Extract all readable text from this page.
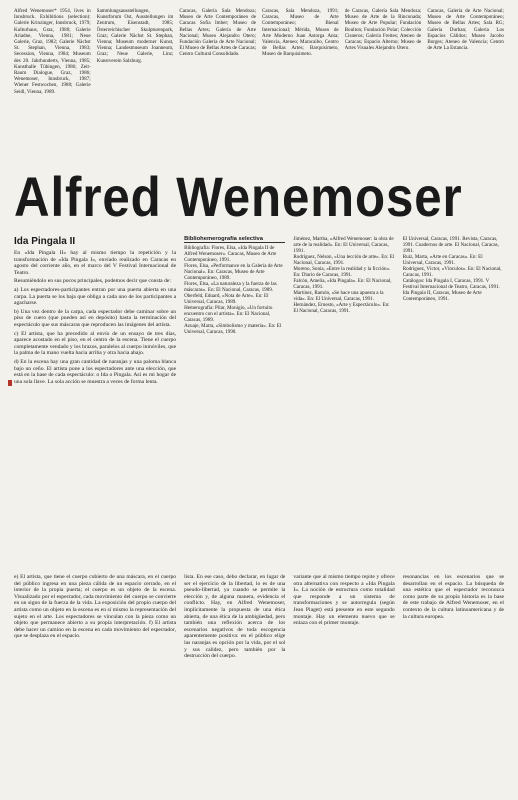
Alfred Wenemoser* 1954, lives in Innsbruck. Exhibitions (selection): Galerie Krinzinger, Innsbruck, 1979; Kulturhaus, Graz, 1980; Galerie Ariadne, Vienna, 1981; Neue Galerie, Graz, 1982; Galerie Nächst St. Stephan, Vienna, 1983; Secession, Vienna, 1984; Museum des 20. Jahrhunderts, Vienna, 1985; Kunsthalle Tübingen, 1986; Zeit-Raum Dialogue, Graz, 1986; Wenemoser, Innsbruck, 1987; Wiener Festwochen, 1988; Galerie Seidl, Vienna, 1989.
Sammlungsausstellungen, Kunstforum Ost, Ausstellungen im Zentrum, Eisenstadt, 1985; Österreichischer Skulpturenpark, Graz; Galerie Nächst St. Stephan, Vienna; Museum moderner Kunst, Vienna; Landesmuseum Joanneum, Graz; Neue Galerie, Linz; Kunstverein Salzburg.
Caracas, Galería Sala Mendoza; Museo de Arte Contemporáneo de Caracas Sofía Imber; Museo de Bellas Artes; Galería de Arte Nacional; Museo Alejandro Otero; Fundación Galería de Arte Nacional; El Museo de Bellas Artes de Caracas; Centro Cultural Consolidado.
Caracas, Sala Mendoza, 1991; Caracas, Museo de Arte Contemporáneo; Bienal Internacional; Mérida, Museo de Arte Moderno Juan Astorga Anta; Valencia, Ateneo; Maracaibo, Centro de Bellas Artes; Barquisimeto, Museo de Barquisimeto.
de Caracas, Galería Sala Mendoza; Museo de Arte de la Rinconada; Museo de Arte Popular; Fundación Boulton; Fundación Polar; Colección Cisneros; Galería Freites; Ateneo de Caracas; Espacio Alterno; Museo de Artes Visuales Alejandro Otero.
Caracas, Galería de Arte Nacional; Museo de Arte Contemporáneo; Museo de Bellas Artes; Sala RG; Galería Durban; Galería Los Espacios Cálidos; Museo Jacobo Borges; Ateneo de Valencia; Centro de Arte La Estancia.
Alfred Wenemoser
Ida Pingala II

En «Ida Pingala II» hay al mismo tiempo la repetición y la transformación de «Ida Pingala I», envíado realizado en Caracas en agosto del corriente año, en el marco del V Festival Internacional de Teatro.

Resumiéndolo en sus pocos principales, podemos decir que consta de:

a) Los espectadores-participantes entran por una puerta abierta en una carpa. La puerta se los baja que obliga a cada uno de los participantes a agacharse.

b) Una vez dentro de la carpa, cada espectador debe caminar sobre un piso de cuero (que pueden así en depósito) hasta la terminación del espectáculo que sus máscaras que reproducen las imágenes del artista.

c) El artista, que ha precedido al envío de un ensayo de tres días, aparece acostado en el piso, en el centro de la escena. Tiene el cuerpo completamente vendado y los brazos, paralelos al cuerpo inmóviles, que la palma de la mano vuelta hacia arriba y otra hacia abajo.

d) En la escena hay una gran cantidad de naranjas y una paloma blanca bajo un ceño. El artista pone a los espectadores ante una elección, que está en la base de cada espectáculo: o Ida o Pingala. Así es mi hogar de una sola llave. La sola acción se muestra a veces de forma lenta.

Bibliohemerografía selectiva
Bibliografía: Flores, Elsa, «Ida Pingala II de Alfred Wenemoser». Caracas, Museo de Arte Contemporáneo, 1991.
Flores, Elsa, «Performance en la Galería de Arte Nacional». En: Caracas, Museo de Arte Contemporáneo, 1989.
Flores, Elsa, «La naturaleza y la fuerza de las máscaras». En: El Nacional, Caracas, 1989.
Oberfeld, Eduard, «Nota de Arte». En: El Universal, Caracas, 1989.
Hemerografía: Pilar, Monigio, «Un fortuito encuentro con el artista». En: El Nacional, Caracas, 1989.
Azuaje, Marta, «Simbolismo y materia». En: El Universal, Caracas, 1990.
Jiménez, Martha, «Alfred Wenemoser: la obra de arte de la realidad». En: El Universal, Caracas, 1991.
Rodríguez, Nelson, «Una lección de arte». En: El Nacional, Caracas, 1991.
Moreno, Sonia, «Entre la realidad y la ficción». En: Diario de Caracas, 1991.
Falcón, Amelia, «Ida Pingala». En: El Nacional, Caracas, 1991.
Martínez, Ramón, «Se hace una apuesta a la vida». En: El Universal, Caracas, 1991.
Hernández, Ernesto, «Arte y Espectáculo». En: El Nacional, Caracas, 1991.
El Universal, Caracas, 1991. Revista, Caracas, 1991. Cuadernos de arte. El Nacional, Caracas, 1991.
Ruiz, Marta, «Arte en Caracas». En: El Universal, Caracas, 1991.
Rodríguez, Víctor, «Vínculos». En: El Nacional, Caracas, 1991.
Catálogos: Ida Pingala I, Caracas, 1991. V Festival Internacional de Teatro, Caracas, 1991.
Ida Pingala II, Caracas, Museo de Arte Contemporáneo, 1991.
e) El artista, que tiene el cuerpo cubierto de una máscara, en el cuerpo del público ingresa en una pieza cálida de un espacio cerrado, en el interior de la propia puerta; el cuerpo es un objeto de la escena. Visualizado por el espectador, cada movimiento del cuerpo se convierte en un signo de la fuerza de la vida. La exposición del propio cuerpo del artista como un objeto en la escena es en sí mismo la representación del sujeto en el arte. Los espectadores se vinculan con la pieza como un objeto que permanece abierto a su propia interpretación. f) El artista debe hacer un camino en la escena en cada movimiento del espectador, que se desplaza en el espacio.
lista. En ese caso, debo declarar, en lugar de ser el ejercicio de la libertad, lo es de una pseudo-libertad, ya cuando se permite la elección y, de alguna manera, evidencia el conflicto. Hay, en Alfred Wenemoser, implícitamente la propuesta de una ética abierta, de una ética de la ambigüedad, pero también una reflexión acerca de los escenarios negativos de toda escogencia aparentemente positiva: en el público elige las naranjas es opción por la vida, por el sol y sus calidez, pero también por la destrucción del cuerpo.
variante que al mismo tiempo repite y ofrece otra alternativa con respecto a «Ida Pingala I». La noción de estructura como totalidad que responde a un sistema de transformaciones y se autorregula (según Jean Piaget) está presente en este segundo montaje. Hay un elemento nuevo que se enlaza con el primer montaje.
resonancias en los escenarios que se desarrollan en el espacio. La búsqueda de una estética que el espectador reconozca como parte de su propia historia es la base de este trabajo de Alfred Wenemoser, en el contexto de la cultura latinoamericana y de la cultura europea.
